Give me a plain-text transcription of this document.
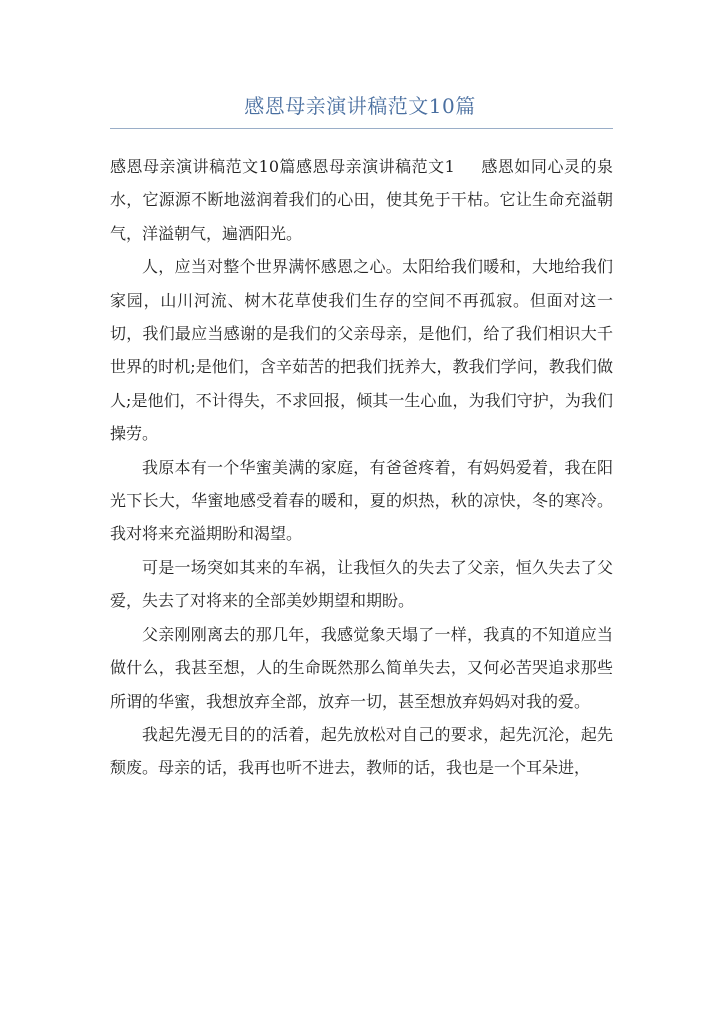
感恩母亲演讲稿范文10篇

感恩母亲演讲稿范文10篇感恩母亲演讲稿范文1 感恩如同心灵的泉水，它源源不断地滋润着我们的心田，使其免于干枯。它让生命充溢朝气，洋溢朝气，遍洒阳光。

人，应当对整个世界满怀感恩之心。太阳给我们暖和，大地给我们家园，山川河流、树木花草使我们生存的空间不再孤寂。但面对这一切，我们最应当感谢的是我们的父亲母亲，是他们，给了我们相识大千世界的时机;是他们，含辛茹苦的把我们抚养大，教我们学问，教我们做人;是他们，不计得失，不求回报，倾其一生心血，为我们守护，为我们操劳。

我原本有一个华蜜美满的家庭，有爸爸疼着，有妈妈爱着，我在阳光下长大，华蜜地感受着春的暖和，夏的炽热，秋的凉快，冬的寒冷。我对将来充溢期盼和渴望。

可是一场突如其来的车祸，让我恒久的失去了父亲，恒久失去了父爱，失去了对将来的全部美妙期望和期盼。

父亲刚刚离去的那几年，我感觉象天塌了一样，我真的不知道应当做什么，我甚至想，人的生命既然那么简单失去，又何必苦哭追求那些所谓的华蜜，我想放弃全部，放弃一切，甚至想放弃妈妈对我的爱。

我起先漫无目的的活着，起先放松对自己的要求，起先沉沦，起先颓废。母亲的话，我再也听不进去，教师的话，我也是一个耳朵进，
